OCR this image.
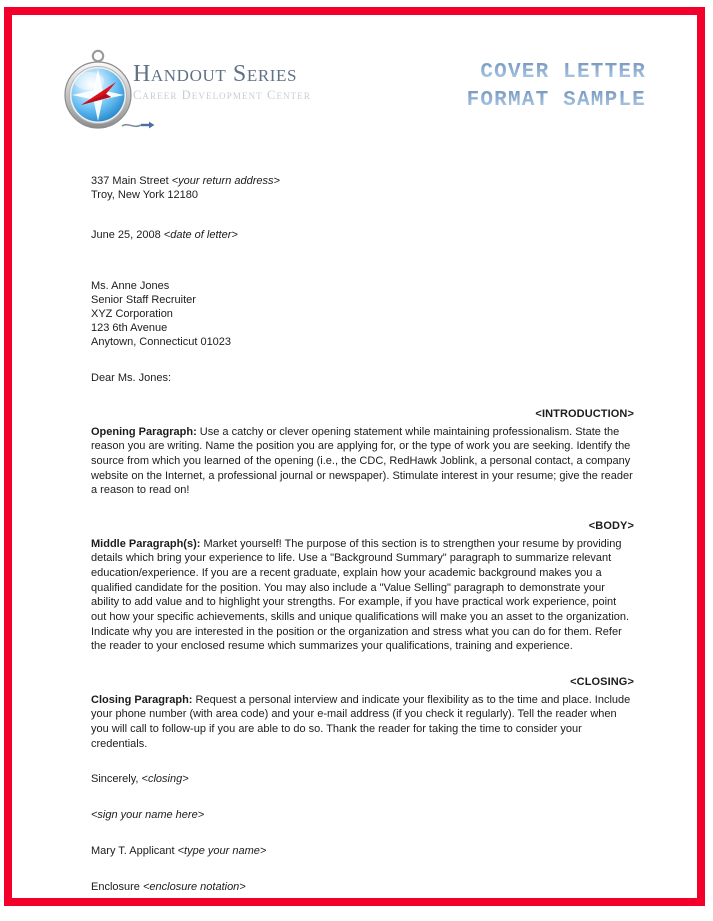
Handout Series
Career Development Center
COVER LETTER
FORMAT SAMPLE
337 Main Street <your return address>
Troy, New York 12180
June 25, 2008 <date of letter>
Ms. Anne Jones
Senior Staff Recruiter
XYZ Corporation
123 6th Avenue
Anytown, Connecticut 01023
Dear Ms. Jones:
<INTRODUCTION>
Opening Paragraph: Use a catchy or clever opening statement while maintaining professionalism. State the reason you are writing. Name the position you are applying for, or the type of work you are seeking. Identify the source from which you learned of the opening (i.e., the CDC, RedHawk Joblink, a personal contact, a company website on the Internet, a professional journal or newspaper). Stimulate interest in your resume; give the reader a reason to read on!
<BODY>
Middle Paragraph(s): Market yourself! The purpose of this section is to strengthen your resume by providing details which bring your experience to life. Use a "Background Summary" paragraph to summarize relevant education/experience. If you are a recent graduate, explain how your academic background makes you a qualified candidate for the position. You may also include a "Value Selling" paragraph to demonstrate your ability to add value and to highlight your strengths. For example, if you have practical work experience, point out how your specific achievements, skills and unique qualifications will make you an asset to the organization. Indicate why you are interested in the position or the organization and stress what you can do for them. Refer the reader to your enclosed resume which summarizes your qualifications, training and experience.
<CLOSING>
Closing Paragraph: Request a personal interview and indicate your flexibility as to the time and place. Include your phone number (with area code) and your e-mail address (if you check it regularly). Tell the reader when you will call to follow-up if you are able to do so. Thank the reader for taking the time to consider your credentials.
Sincerely, <closing>
<sign your name here>
Mary T. Applicant <type your name>
Enclosure <enclosure notation>
